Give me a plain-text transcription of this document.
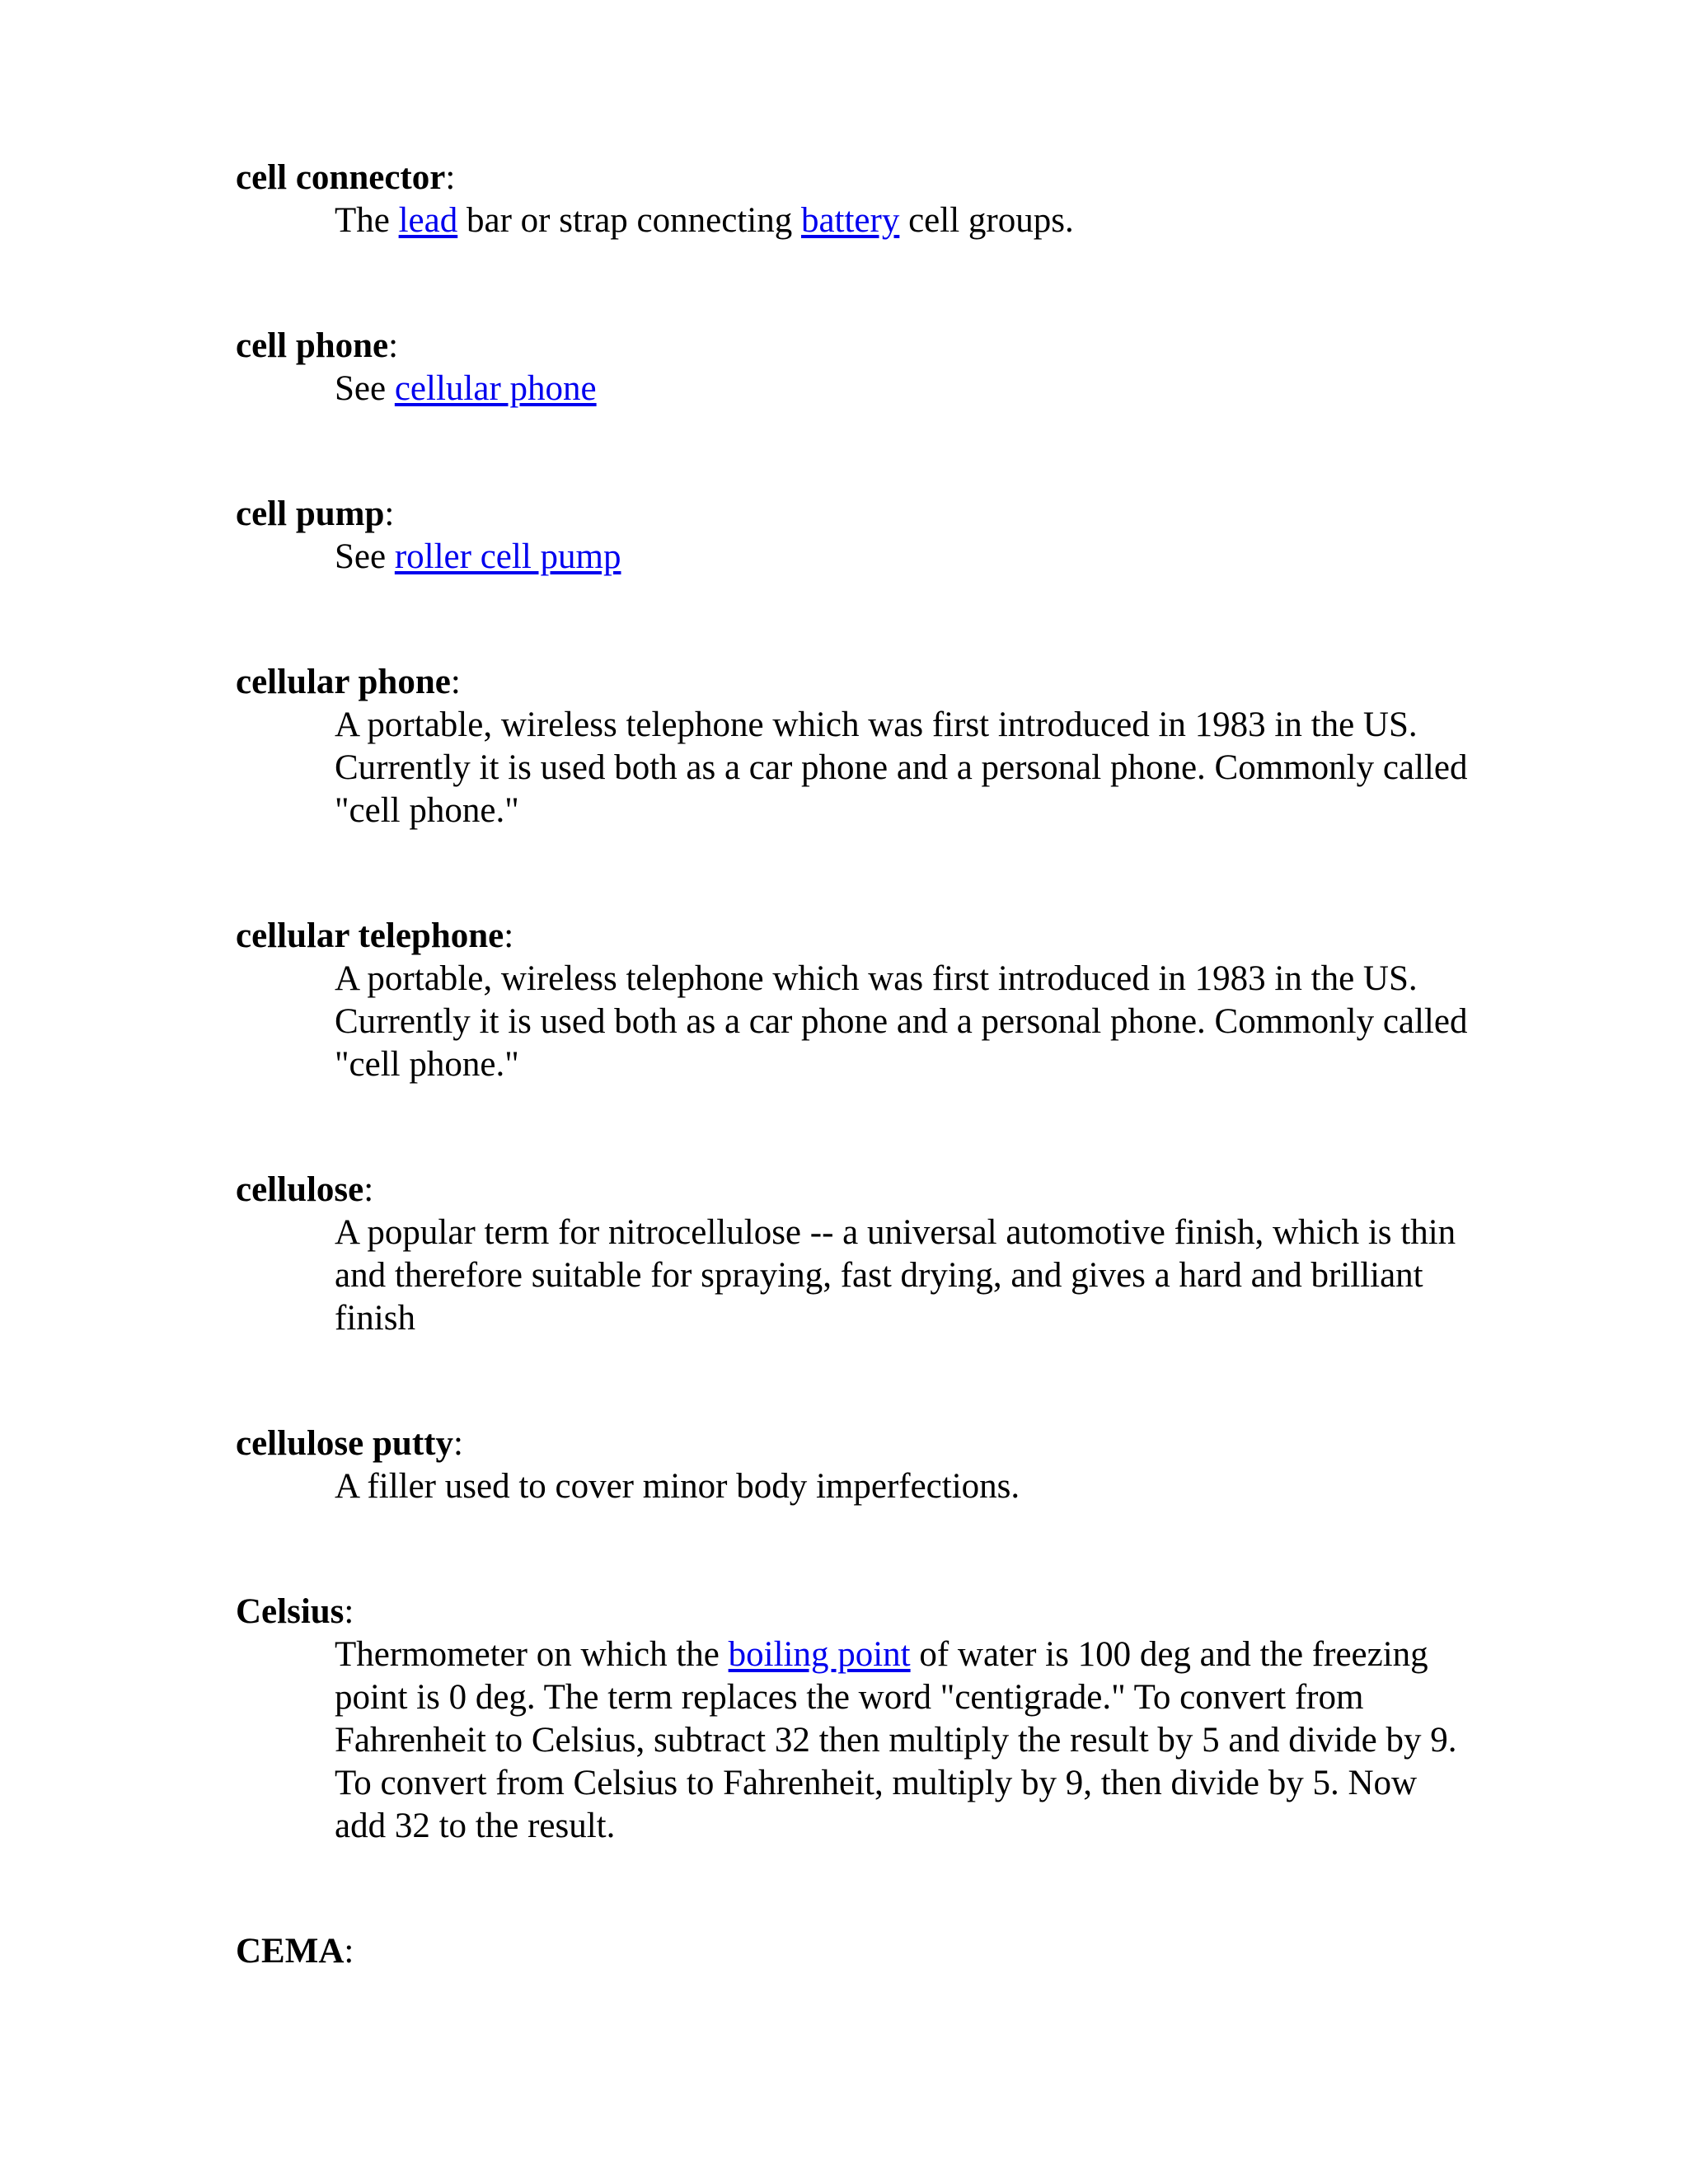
cell connector:

The lead bar or strap connecting battery cell groups.

cell phone:

See cellular phone

cell pump:

See roller cell pump

cellular phone:

A portable, wireless telephone which was first introduced in 1983 in the US. Currently it is used both as a car phone and a personal phone. Commonly called "cell phone."

cellular telephone:

A portable, wireless telephone which was first introduced in 1983 in the US. Currently it is used both as a car phone and a personal phone. Commonly called "cell phone."

cellulose:

A popular term for nitrocellulose -- a universal automotive finish, which is thin and therefore suitable for spraying, fast drying, and gives a hard and brilliant finish

cellulose putty:

A filler used to cover minor body imperfections.

Celsius:

Thermometer on which the boiling point of water is 100 deg and the freezing point is 0 deg. The term replaces the word "centigrade." To convert from Fahrenheit to Celsius, subtract 32 then multiply the result by 5 and divide by 9. To convert from Celsius to Fahrenheit, multiply by 9, then divide by 5. Now add 32 to the result.

CEMA:
